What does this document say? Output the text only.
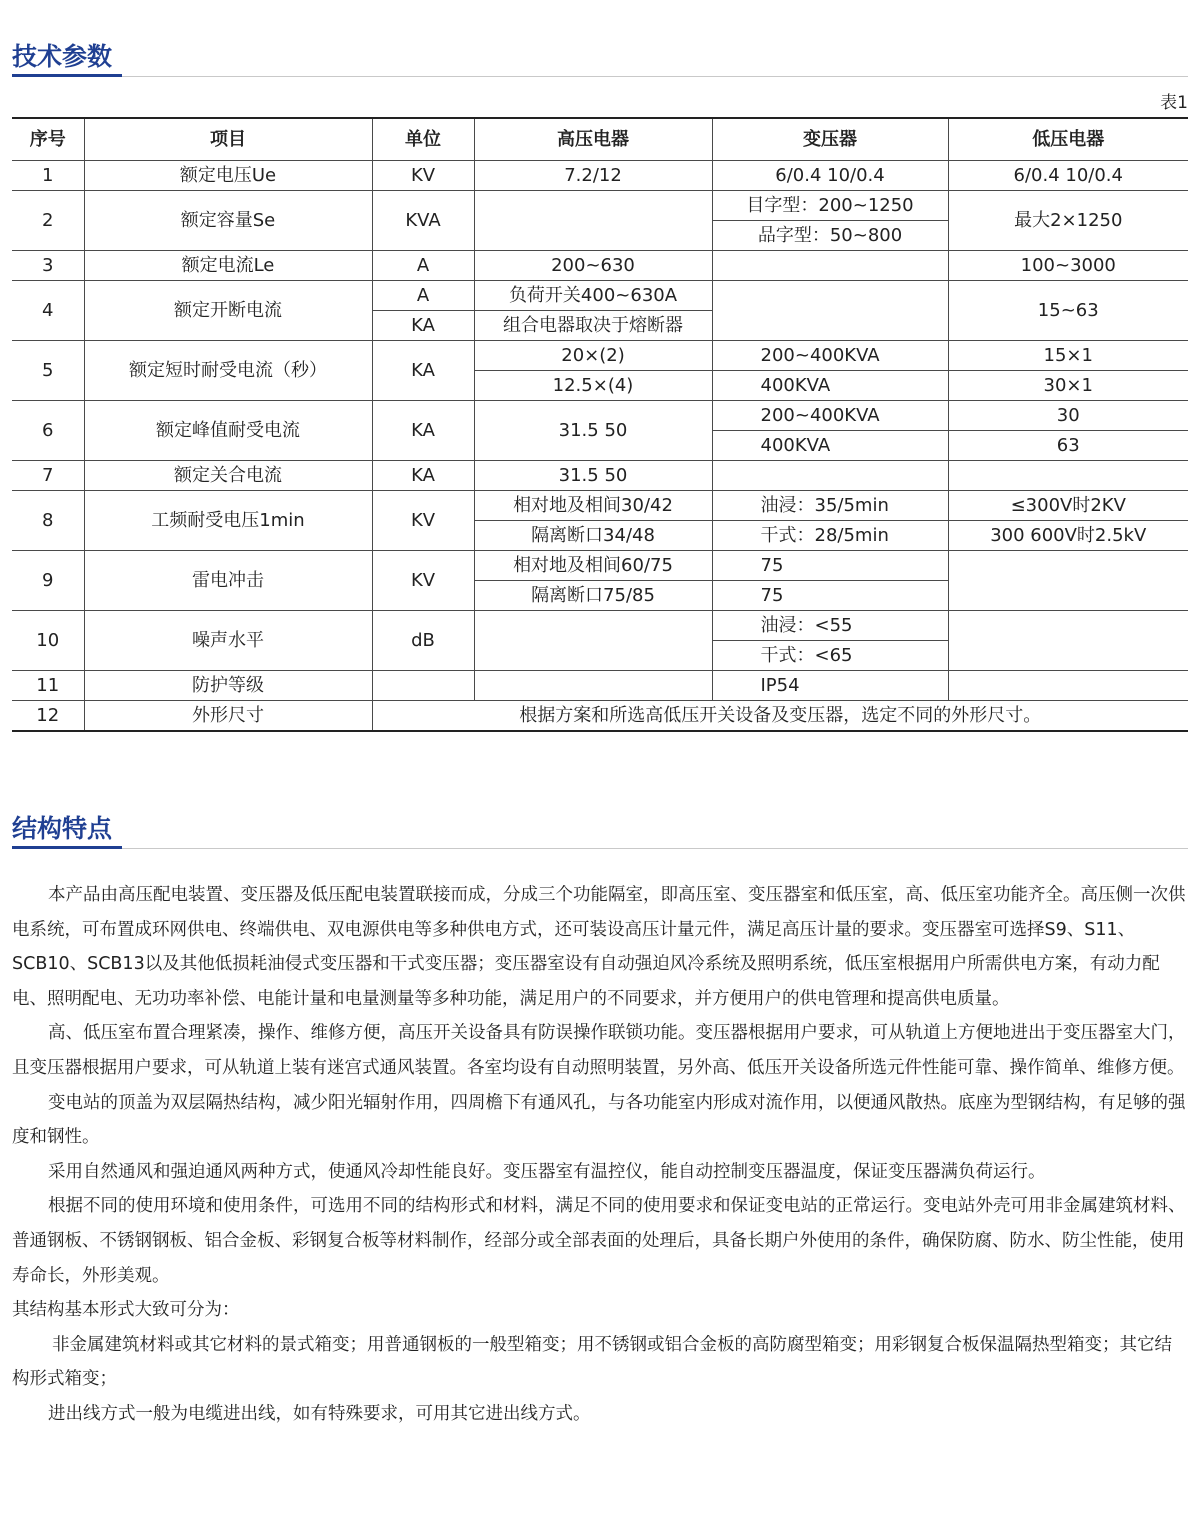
技术参数
表1
序号	项目	单位	高压电器	变压器	低压电器
1	额定电压Ue	KV	7.2/12	6/0.4 10/0.4	6/0.4 10/0.4
2	额定容量Se	KVA		目字型：200~1250	最大2×1250
				品字型：50~800	
3	额定电流Le	A	200~630		100~3000
4	额定开断电流	A	负荷开关400~630A		15~63
		KA	组合电器取决于熔断器		
5	额定短时耐受电流（秒）	KA	20×(2)	200~400KVA	15×1
			12.5×(4)	400KVA	30×1
6	额定峰值耐受电流	KA	31.5 50	200~400KVA	30
				400KVA	63
7	额定关合电流	KA	31.5 50		
8	工频耐受电压1min	KV	相对地及相间30/42	油浸：35/5min	≤300V时2KV
			隔离断口34/48	干式：28/5min	300 600V时2.5kV
9	雷电冲击	KV	相对地及相间60/75	75	
			隔离断口75/85	75	
10	噪声水平	dB		油浸：<55	
				干式：<65	
11	防护等级			IP54	
12	外形尺寸	根据方案和所选高低压开关设备及变压器，选定不同的外形尺寸。			
结构特点

本产品由高压配电装置、变压器及低压配电装置联接而成，分成三个功能隔室，即高压室、变压器室和低压室，高、低压室功能齐全。高压侧一次供电系统，可布置成环网供电、终端供电、双电源供电等多种供电方式，还可装设高压计量元件，满足高压计量的要求。变压器室可选择S9、S11、SCB10、SCB13以及其他低损耗油侵式变压器和干式变压器；变压器室设有自动强迫风冷系统及照明系统，低压室根据用户所需供电方案，有动力配电、照明配电、无功功率补偿、电能计量和电量测量等多种功能，满足用户的不同要求，并方便用户的供电管理和提高供电质量。

高、低压室布置合理紧凑，操作、维修方便，高压开关设备具有防误操作联锁功能。变压器根据用户要求，可从轨道上方便地进出于变压器室大门，且变压器根据用户要求，可从轨道上装有迷宫式通风装置。各室均设有自动照明装置，另外高、低压开关设备所选元件性能可靠、操作简单、维修方便。

变电站的顶盖为双层隔热结构，减少阳光辐射作用，四周檐下有通风孔，与各功能室内形成对流作用，以便通风散热。底座为型钢结构，有足够的强度和钢性。

采用自然通风和强迫通风两种方式，使通风冷却性能良好。变压器室有温控仪，能自动控制变压器温度，保证变压器满负荷运行。

根据不同的使用环境和使用条件，可选用不同的结构形式和材料，满足不同的使用要求和保证变电站的正常运行。变电站外壳可用非金属建筑材料、普通钢板、不锈钢钢板、铝合金板、彩钢复合板等材料制作，经部分或全部表面的处理后，具备长期户外使用的条件，确保防腐、防水、防尘性能，使用寿命长，外形美观。

其结构基本形式大致可分为：

非金属建筑材料或其它材料的景式箱变；用普通钢板的一般型箱变；用不锈钢或铝合金板的高防腐型箱变；用彩钢复合板保温隔热型箱变；其它结构形式箱变；

进出线方式一般为电缆进出线，如有特殊要求，可用其它进出线方式。
